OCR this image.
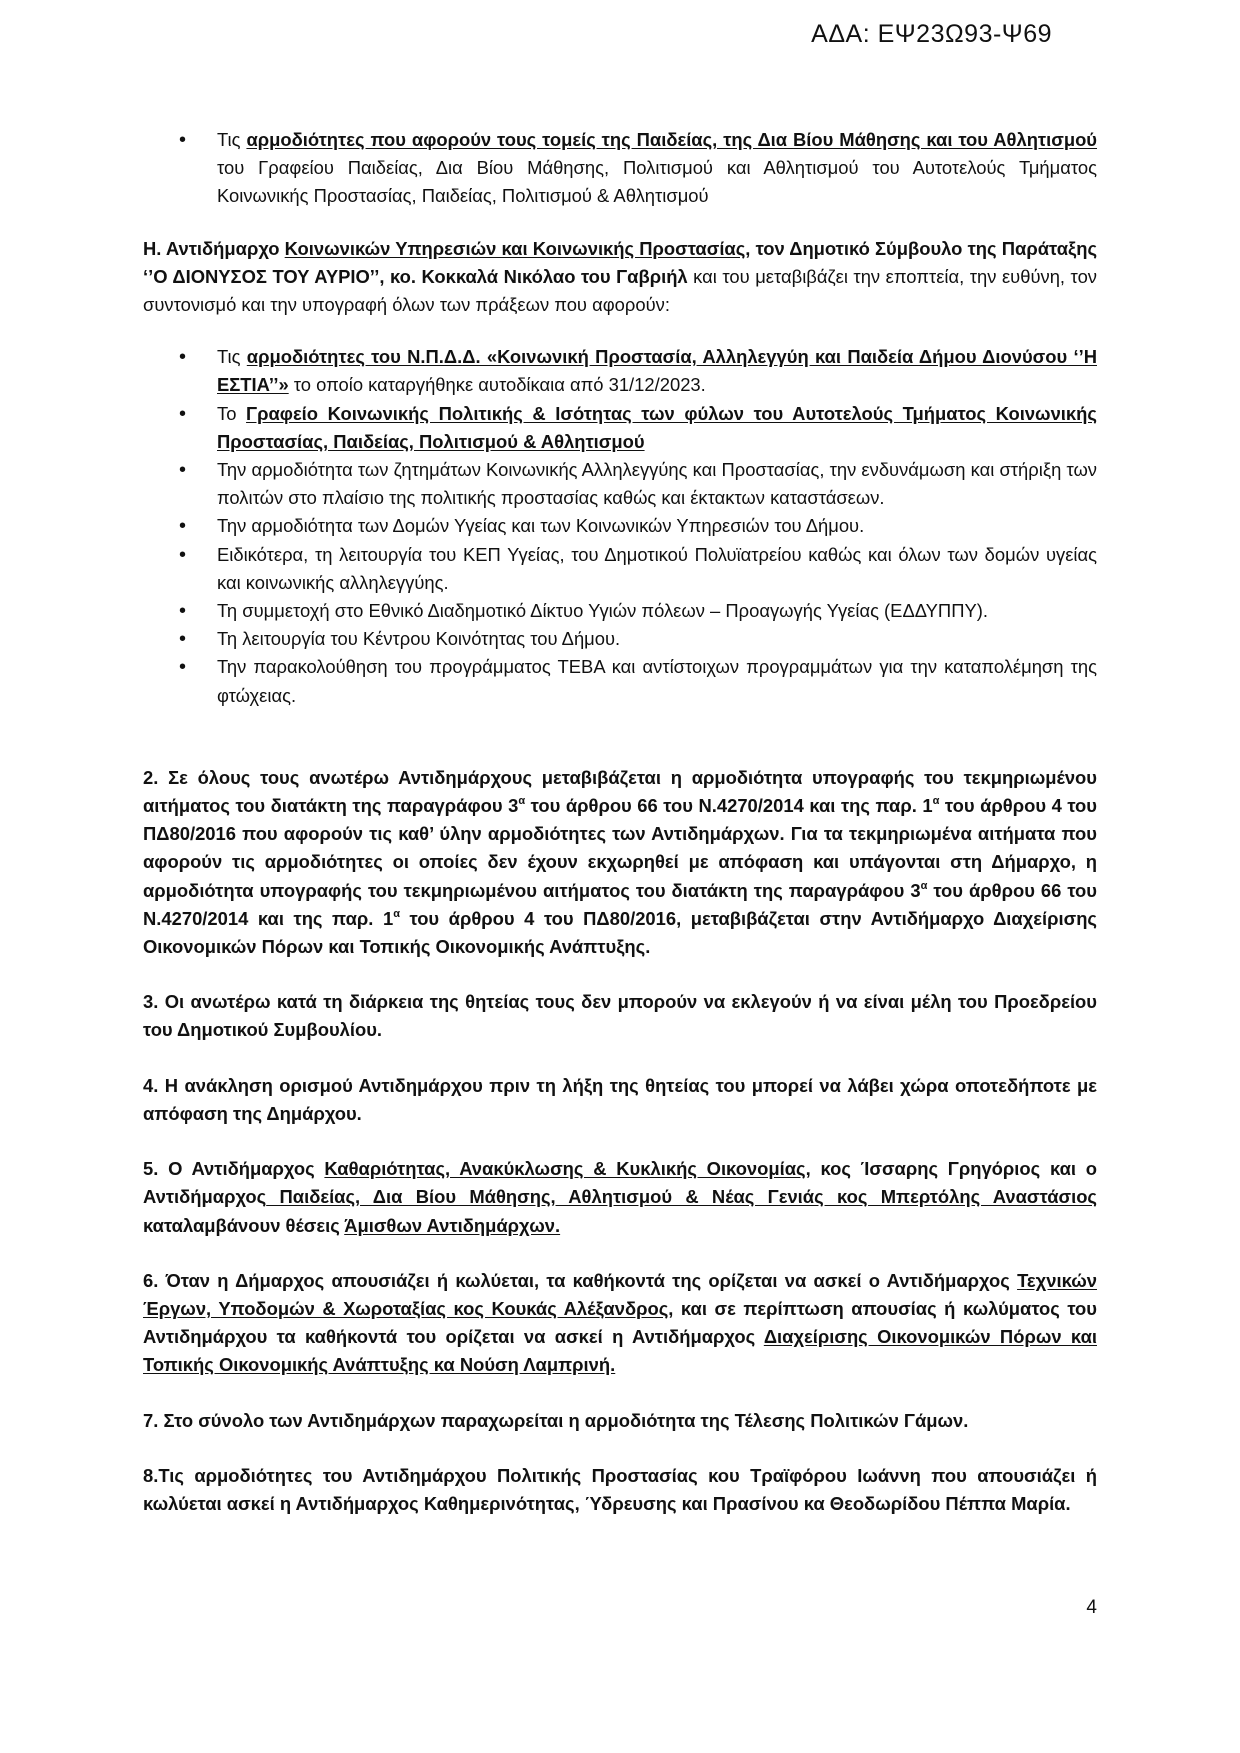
ΑΔΑ: ΕΨ23Ω93-Ψ69
• Τις αρμοδιότητες που αφορούν τους τομείς της Παιδείας, της Δια Βίου Μάθησης και του Αθλητισμού του Γραφείου Παιδείας, Δια Βίου Μάθησης, Πολιτισμού και Αθλητισμού του Αυτοτελούς Τμήματος Κοινωνικής Προστασίας, Παιδείας, Πολιτισμού & Αθλητισμού

Η. Αντιδήμαρχο Κοινωνικών Υπηρεσιών και Κοινωνικής Προστασίας, τον Δημοτικό Σύμβουλο της Παράταξης ‘’Ο ΔΙΟΝΥΣΟΣ ΤΟΥ ΑΥΡΙΟ’’, κο. Κοκκαλά Νικόλαο του Γαβριήλ και του μεταβιβάζει την εποπτεία, την ευθύνη, τον συντονισμό και την υπογραφή όλων των πράξεων που αφορούν:

• Τις αρμοδιότητες του Ν.Π.Δ.Δ. «Κοινωνική Προστασία, Αλληλεγγύη και Παιδεία Δήμου Διονύσου ‘’Η ΕΣΤΙΑ’’» το οποίο καταργήθηκε αυτοδίκαια από 31/12/2023.
• Το Γραφείο Κοινωνικής Πολιτικής & Ισότητας των φύλων του Αυτοτελούς Τμήματος Κοινωνικής Προστασίας, Παιδείας, Πολιτισμού & Αθλητισμού
• Την αρμοδιότητα των ζητημάτων Κοινωνικής Αλληλεγγύης και Προστασίας, την ενδυνάμωση και στήριξη των πολιτών στο πλαίσιο της πολιτικής προστασίας καθώς και έκτακτων καταστάσεων.
• Την αρμοδιότητα των Δομών Υγείας και των Κοινωνικών Υπηρεσιών του Δήμου.
• Ειδικότερα, τη λειτουργία του ΚΕΠ Υγείας, του Δημοτικού Πολυϊατρείου καθώς και όλων των δομών υγείας και κοινωνικής αλληλεγγύης.
• Τη συμμετοχή στο Εθνικό Διαδημοτικό Δίκτυο Υγιών πόλεων – Προαγωγής Υγείας (ΕΔΔΥΠΠΥ).
• Τη λειτουργία του Κέντρου Κοινότητας του Δήμου.
• Την παρακολούθηση του προγράμματος ΤΕΒΑ και αντίστοιχων προγραμμάτων για την καταπολέμηση της φτώχειας.

2. Σε όλους τους ανωτέρω Αντιδημάρχους μεταβιβάζεται η αρμοδιότητα υπογραφής του τεκμηριωμένου αιτήματος του διατάκτη της παραγράφου $3^\alpha$ του άρθρου 66 του Ν.4270/2014 και της παρ. $1^\alpha$ του άρθρου 4 του ΠΔ80/2016 που αφορούν τις καθ’ ύλην αρμοδιότητες των Αντιδημάρχων. Για τα τεκμηριωμένα αιτήματα που αφορούν τις αρμοδιότητες οι οποίες δεν έχουν εκχωρηθεί με απόφαση και υπάγονται στη Δήμαρχο, η αρμοδιότητα υπογραφής του τεκμηριωμένου αιτήματος του διατάκτη της παραγράφου $3^\alpha$ του άρθρου 66 του Ν.4270/2014 και της παρ. $1^\alpha$ του άρθρου 4 του ΠΔ80/2016, μεταβιβάζεται στην Αντιδήμαρχο Διαχείρισης Οικονομικών Πόρων και Τοπικής Οικονομικής Ανάπτυξης.

3. Οι ανωτέρω κατά τη διάρκεια της θητείας τους δεν μπορούν να εκλεγούν ή να είναι μέλη του Προεδρείου του Δημοτικού Συμβουλίου.

4. Η ανάκληση ορισμού Αντιδημάρχου πριν τη λήξη της θητείας του μπορεί να λάβει χώρα οποτεδήποτε με απόφαση της Δημάρχου.

5. Ο Αντιδήμαρχος Καθαριότητας, Ανακύκλωσης & Κυκλικής Οικονομίας, κος Ίσσαρης Γρηγόριος και ο Αντιδήμαρχος Παιδείας, Δια Βίου Μάθησης, Αθλητισμού & Νέας Γενιάς κος Μπερτόλης Αναστάσιος καταλαμβάνουν θέσεις Άμισθων Αντιδημάρχων.

6. Όταν η Δήμαρχος απουσιάζει ή κωλύεται, τα καθήκοντά της ορίζεται να ασκεί ο Αντιδήμαρχος Τεχνικών Έργων, Υποδομών & Χωροταξίας κος Κουκάς Αλέξανδρος, και σε περίπτωση απουσίας ή κωλύματος του Αντιδημάρχου τα καθήκοντά του ορίζεται να ασκεί η Αντιδήμαρχος Διαχείρισης Οικονομικών Πόρων και Τοπικής Οικονομικής Ανάπτυξης κα Νούση Λαμπρινή.

7. Στο σύνολο των Αντιδημάρχων παραχωρείται η αρμοδιότητα της Τέλεσης Πολιτικών Γάμων.

8.Τις αρμοδιότητες του Αντιδημάρχου Πολιτικής Προστασίας κου Τραϊφόρου Ιωάννη που απουσιάζει ή κωλύεται ασκεί η Αντιδήμαρχος Καθημερινότητας, Ύδρευσης και Πρασίνου κα Θεοδωρίδου Πέππα Μαρία.

4
